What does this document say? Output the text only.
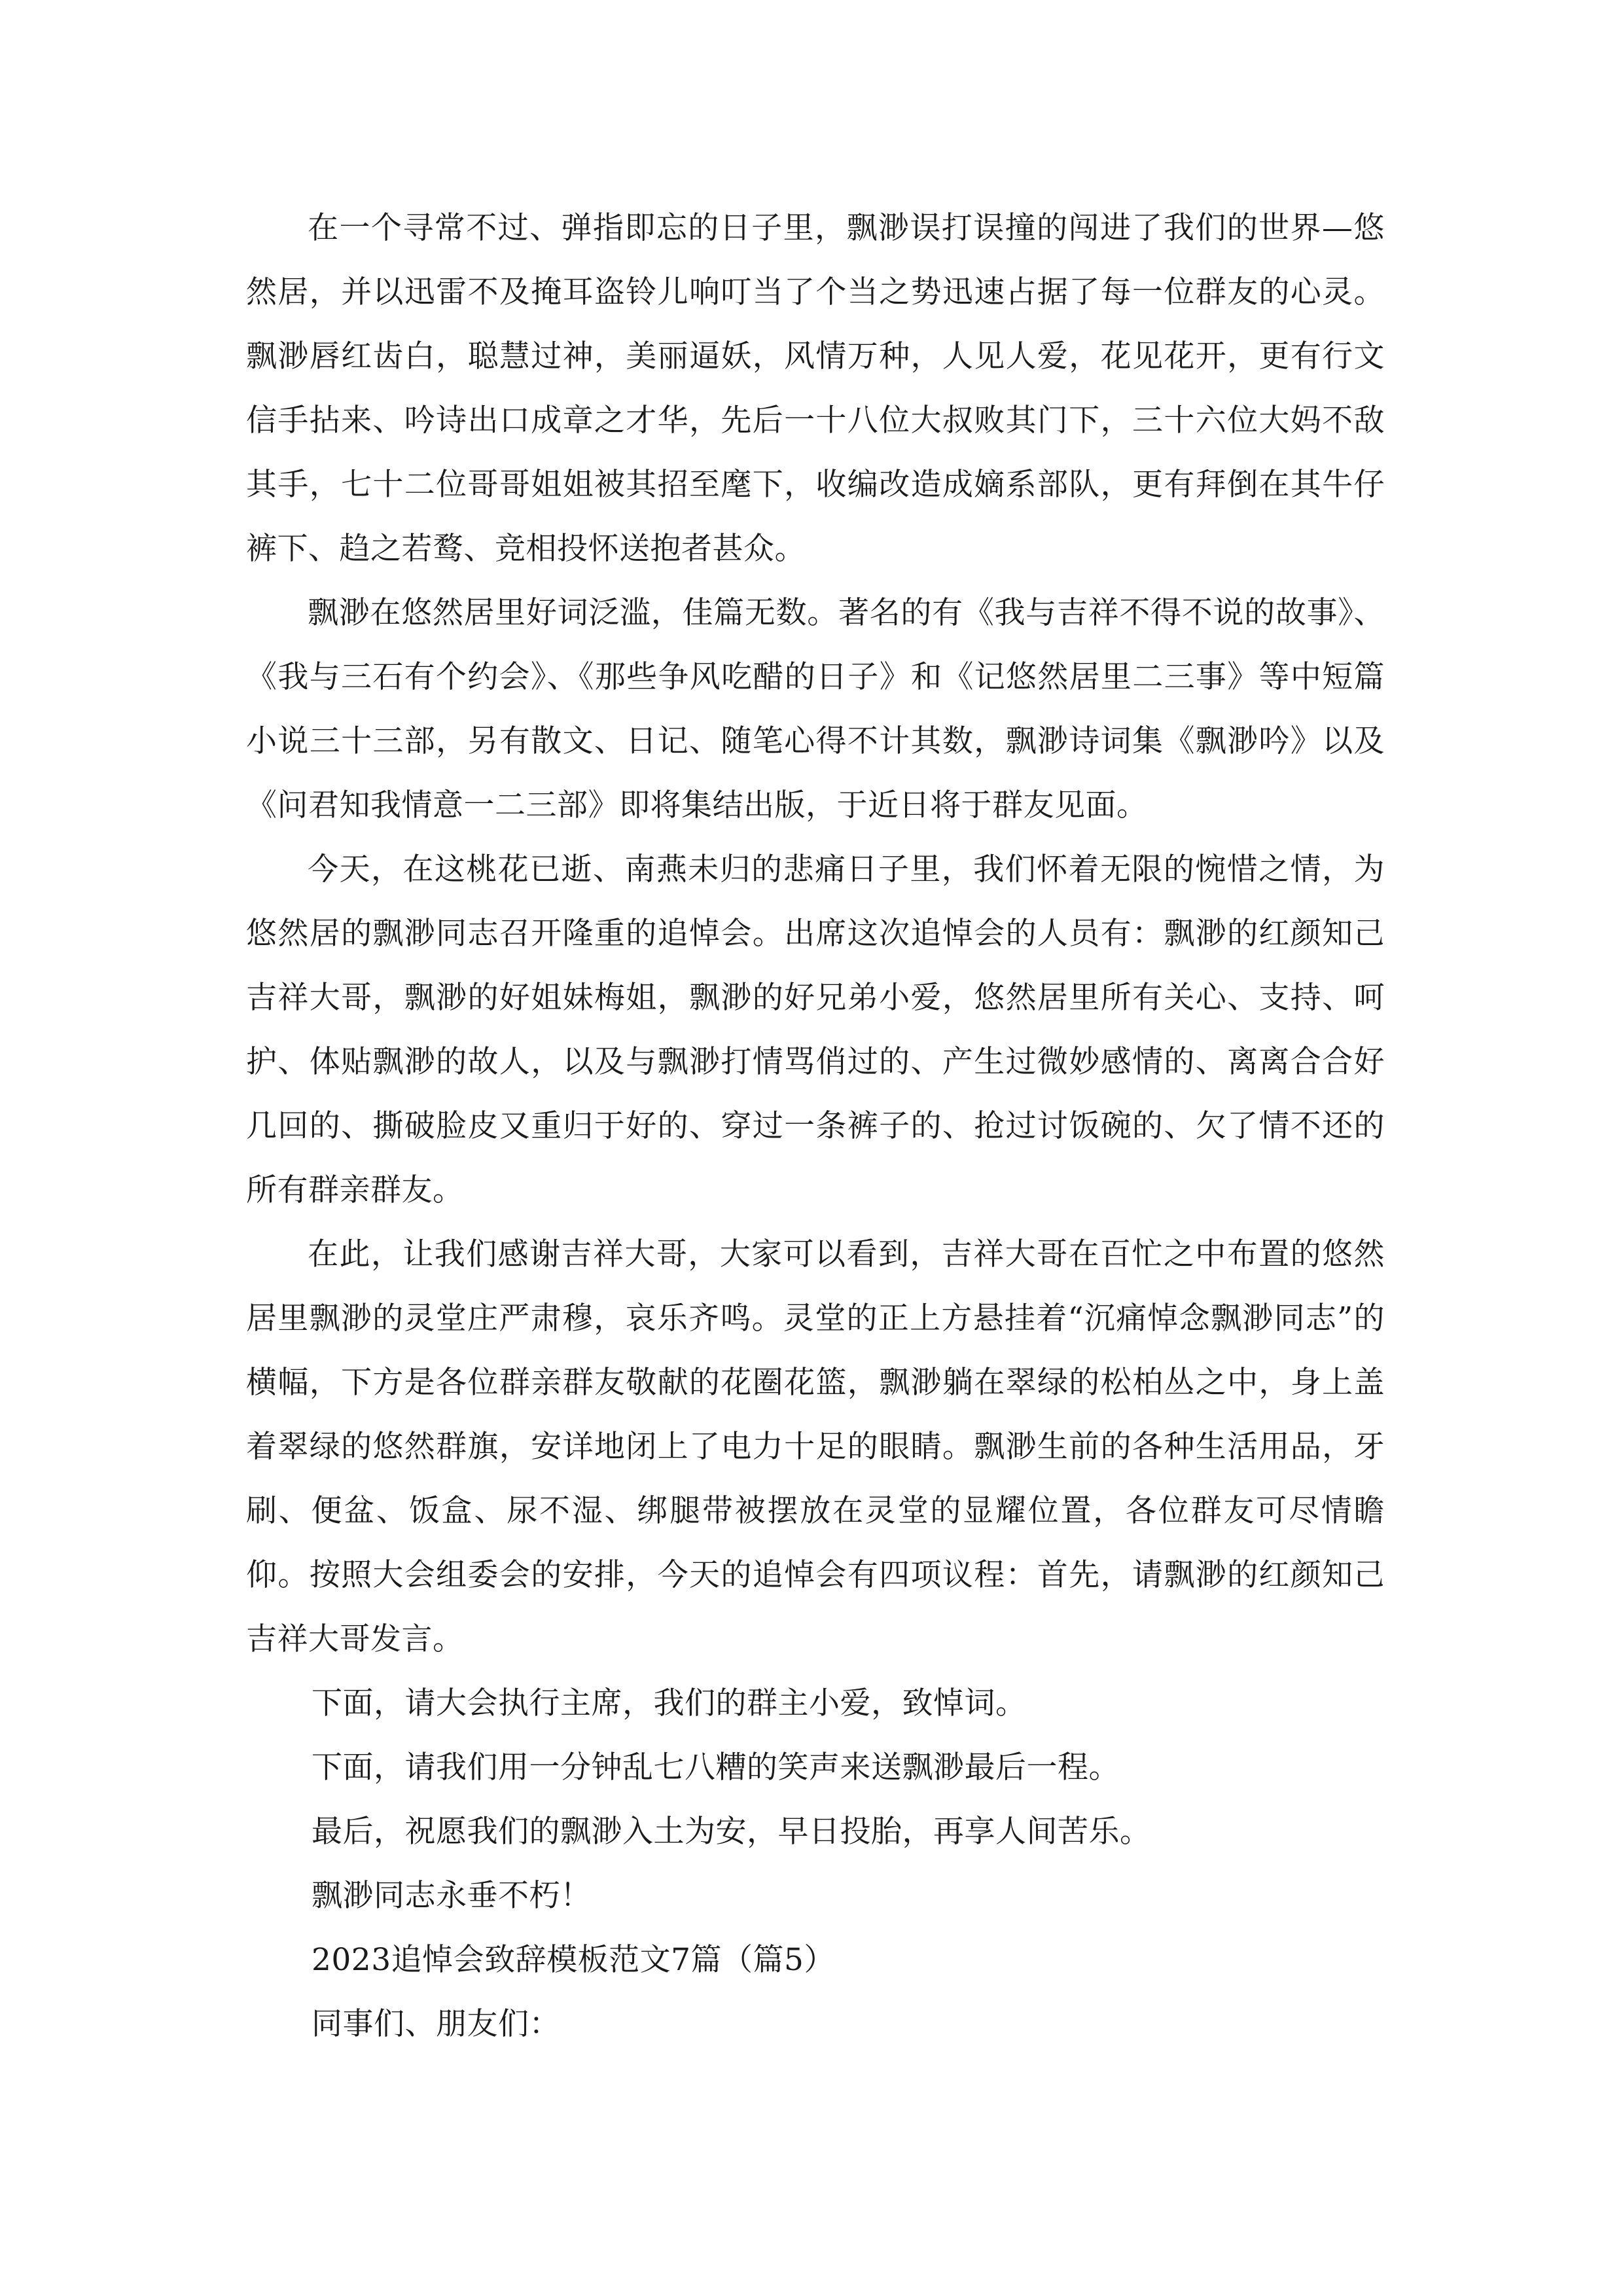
在一个寻常不过、弹指即忘的日子里，飘渺误打误撞的闯进了我们的世界—悠然居，并以迅雷不及掩耳盗铃儿响叮当了个当之势迅速占据了每一位群友的心灵。飘渺唇红齿白，聪慧过神，美丽逼妖，风情万种，人见人爱，花见花开，更有行文信手拈来、吟诗出口成章之才华，先后一十八位大叔败其门下，三十六位大妈不敌其手，七十二位哥哥姐姐被其招至麾下，收编改造成嫡系部队，更有拜倒在其牛仔裤下、趋之若鹜、竞相投怀送抱者甚众。

飘渺在悠然居里好词泛滥，佳篇无数。著名的有《我与吉祥不得不说的故事》、《我与三石有个约会》、《那些争风吃醋的日子》和《记悠然居里二三事》等中短篇小说三十三部，另有散文、日记、随笔心得不计其数，飘渺诗词集《飘渺吟》以及《问君知我情意一二三部》即将集结出版，于近日将于群友见面。

今天，在这桃花已逝、南燕未归的悲痛日子里，我们怀着无限的惋惜之情，为悠然居的飘渺同志召开隆重的追悼会。出席这次追悼会的人员有：飘渺的红颜知己吉祥大哥，飘渺的好姐妹梅姐，飘渺的好兄弟小爱，悠然居里所有关心、支持、呵护、体贴飘渺的故人，以及与飘渺打情骂俏过的、产生过微妙感情的、离离合合好几回的、撕破脸皮又重归于好的、穿过一条裤子的、抢过讨饭碗的、欠了情不还的所有群亲群友。

在此，让我们感谢吉祥大哥，大家可以看到，吉祥大哥在百忙之中布置的悠然居里飘渺的灵堂庄严肃穆，哀乐齐鸣。灵堂的正上方悬挂着“沉痛悼念飘渺同志”的横幅，下方是各位群亲群友敬献的花圈花篮，飘渺躺在翠绿的松柏丛之中，身上盖着翠绿的悠然群旗，安详地闭上了电力十足的眼睛。飘渺生前的各种生活用品，牙刷、便盆、饭盒、尿不湿、绑腿带被摆放在灵堂的显耀位置，各位群友可尽情瞻仰。按照大会组委会的安排，今天的追悼会有四项议程：首先，请飘渺的红颜知己吉祥大哥发言。

下面，请大会执行主席，我们的群主小爱，致悼词。

下面，请我们用一分钟乱七八糟的笑声来送飘渺最后一程。

最后，祝愿我们的飘渺入土为安，早日投胎，再享人间苦乐。

飘渺同志永垂不朽！

2023追悼会致辞模板范文7篇（篇5）

同事们、朋友们：
